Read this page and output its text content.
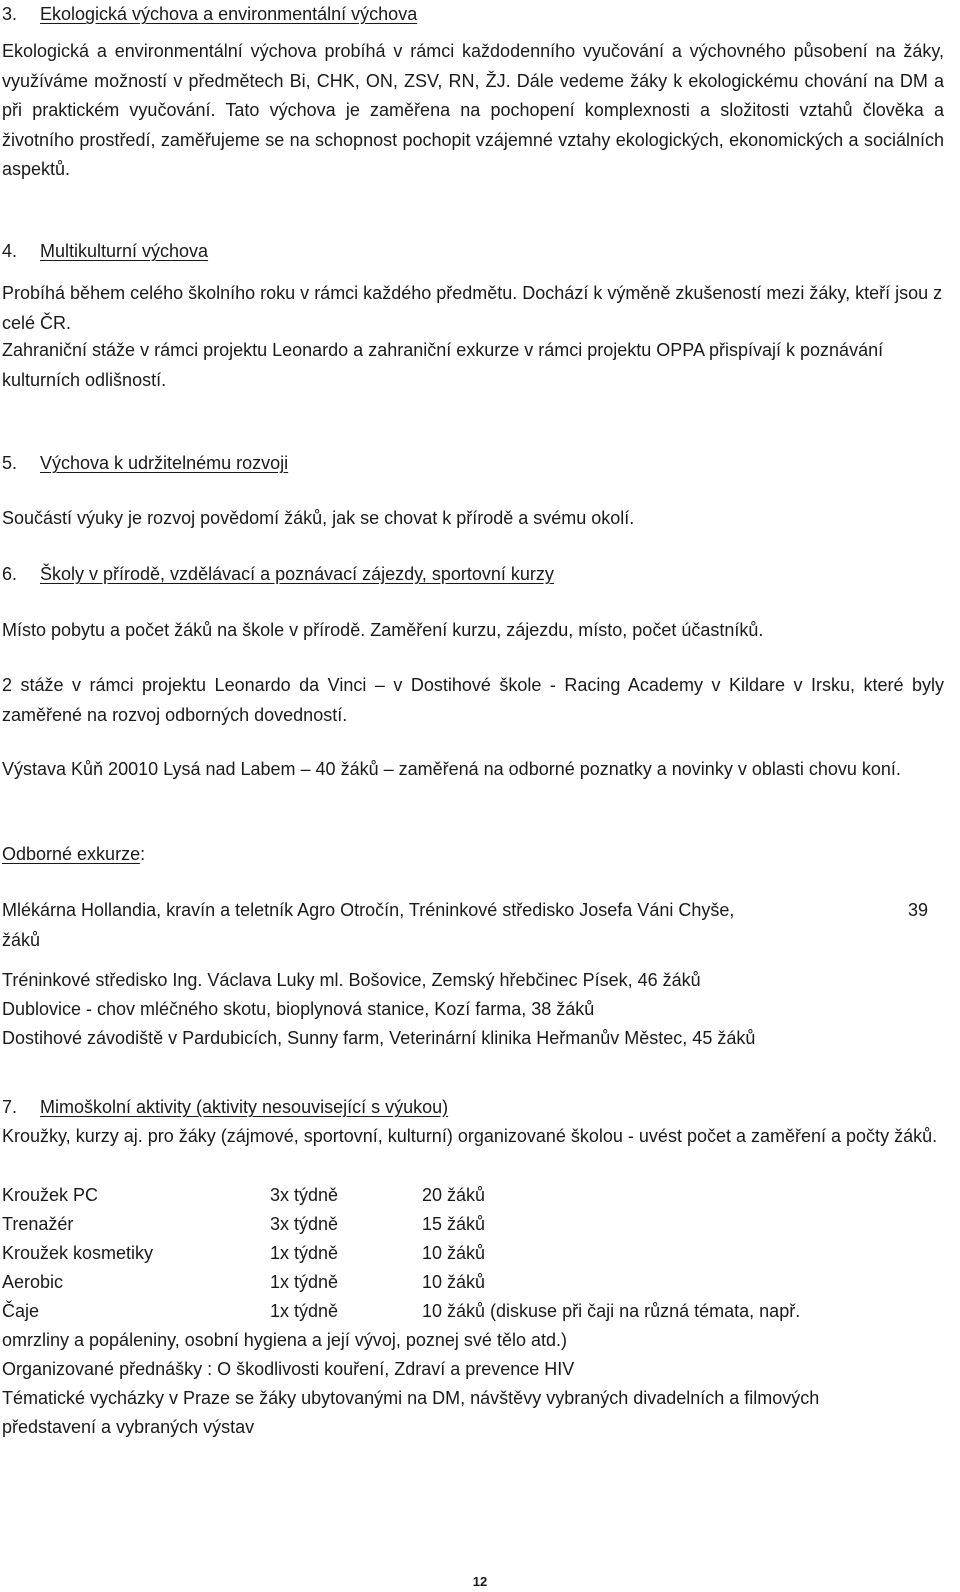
3.	Ekologická výchova a environmentální výchova

Ekologická a environmentální výchova probíhá v rámci každodenního vyučování a výchovného působení na žáky, využíváme možností v předmětech Bi, CHK, ON, ZSV, RN, ŽJ. Dále vedeme žáky k ekologickému chování na DM a při praktickém vyučování. Tato výchova je zaměřena na pochopení komplexnosti a složitosti vztahů člověka a životního prostředí, zaměřujeme se na schopnost pochopit vzájemné vztahy ekologických, ekonomických a sociálních aspektů.

4.	Multikulturní výchova

Probíhá během celého školního roku v rámci každého předmětu. Dochází k výměně zkušeností mezi žáky, kteří jsou z celé ČR.

Zahraniční stáže v rámci projektu Leonardo a zahraniční exkurze v rámci projektu OPPA přispívají k poznávání kulturních odlišností.

5.	Výchova k udržitelnému rozvoji

Součástí výuky je rozvoj povědomí žáků, jak se chovat k přírodě a svému okolí.

6.	Školy v přírodě, vzdělávací a poznávací zájezdy, sportovní kurzy

Místo pobytu a počet žáků na škole v přírodě. Zaměření kurzu, zájezdu, místo, počet účastníků.

2 stáže v rámci projektu Leonardo da Vinci – v Dostihové škole - Racing Academy v Kildare v Irsku, které byly zaměřené na rozvoj odborných dovedností.

Výstava Kůň 20010 Lysá nad Labem – 40 žáků – zaměřená na odborné poznatky a novinky v oblasti chovu koní.

Odborné exkurze:
Mlékárna Hollandia, kravín a teletník Agro Otročín, Tréninkové středisko Josefa Váni Chyše,	39
žáků
Tréninkové středisko Ing. Václava Luky ml. Bošovice, Zemský hřebčinec Písek, 46 žáků
Dublovice - chov mléčného skotu, bioplynová stanice, Kozí farma, 38 žáků
Dostihové závodiště v Pardubicích, Sunny farm, Veterinární klinika Heřmanův Městec, 45 žáků
7.	Mimoškolní aktivity (aktivity nesouvisející s výukou)

Kroužky, kurzy aj. pro žáky (zájmové, sportovní, kulturní) organizované školou - uvést počet a zaměření a počty žáků.

Kroužek PC	3x týdně	20 žáků
Trenažér	3x týdně	15 žáků
Kroužek kosmetiky	1x týdně	10 žáků
Aerobic	1x týdně	10 žáků
Čaje	1x týdně	10 žáků (diskuse při čaji na různá témata, např.
omrzliny a popáleniny, osobní hygiena a její vývoj, poznej své tělo atd.)
Organizované přednášky : O škodlivosti kouření, Zdraví a prevence HIV

Tématické vycházky v Praze se žáky ubytovanými na DM, návštěvy vybraných divadelních a filmových představení a vybraných výstav

12
